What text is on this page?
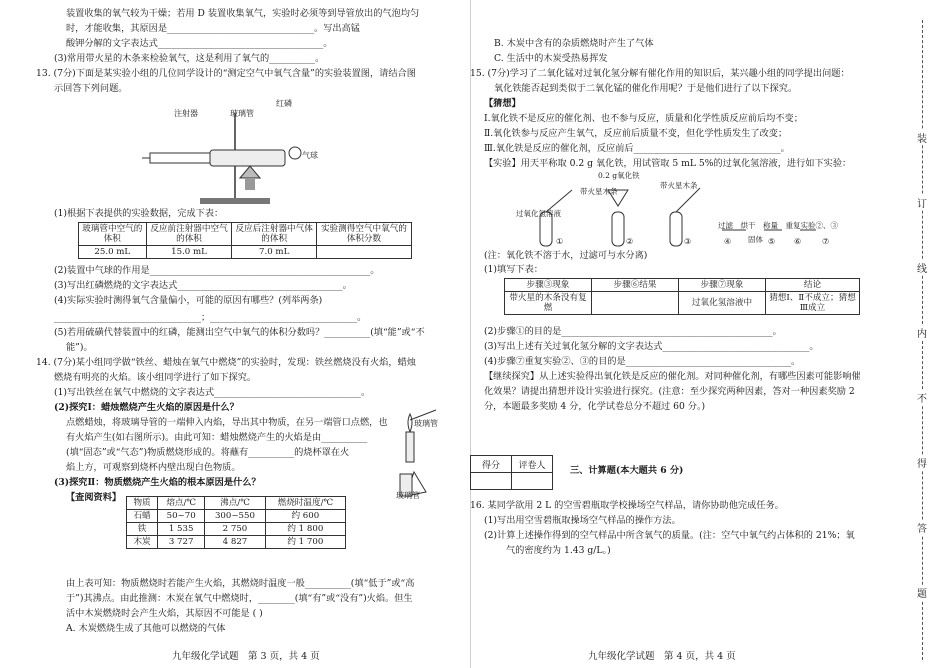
装置收集的氧气较为干燥；若用 D 装置收集氧气，实验时必须等到导管放出的气泡均匀
时，才能收集，其原因是________________________________。写出高锰
酸钾分解的文字表达式____________________________________。
(3)常用带火星的木条来检验氧气，这是利用了氧气的__________。
13. (7分)下面是某实验小组的几位同学设计的“测定空气中氧气含量”的实验装置图，请结合图
示回答下列问题。
注射器	玻璃管
红磷
气球
(1)根据下表提供的实验数据，完成下表：
玻璃管中空气的体积	反应前注射器中空气的体积	反应后注射器中气体的体积	实验测得空气中氧气的体积分数
25.0 mL	15.0 mL	7.0 mL	
(2)装置中气球的作用是________________________________________________。
(3)写出红磷燃烧的文字表达式____________________________________。
(4)实际实验时测得氧气含量偏小，可能的原因有哪些？(列举两条)
________________________________；________________________________。
(5)若用硫磺代替装置中的红磷，能测出空气中氧气的体积分数吗？__________(填“能”或“不
能”)。
14. (7分)某小组同学做“铁丝、蜡烛在氧气中燃烧”的实验时，发现：铁丝燃烧没有火焰，蜡烛
燃烧有明亮的火焰。该小组同学进行了如下探究。
(1)写出铁丝在氧气中燃烧的文字表达式________________________________。
(2)探究Ⅰ：蜡烛燃烧产生火焰的原因是什么？
点燃蜡烛，将玻璃导管的一端伸入内焰，导出其中物质，在另一端管口点燃，也
有火焰产生(如右图所示)。由此可知：蜡烛燃烧产生的火焰是由__________
(填“固态”或“气态”)物质燃烧形成的。将蘸有__________的烧杯罩在火
焰上方，可观察到烧杯内壁出现白色物质。
(3)探究Ⅱ：物质燃烧产生火焰的根本原因是什么？
【查阅资料】
玻璃管
玻璃管
物质	熔点/℃	沸点/℃	燃烧时温度/℃
石蜡	50~70	300~550	约 600
铁	1 535	2 750	约 1 800
木炭	3 727	4 827	约 1 700
由上表可知：物质燃烧时若能产生火焰，其燃烧时温度一般__________(填“低于”或“高
于”)其沸点。由此推测：木炭在氧气中燃烧时，________(填“有”或“没有”)火焰。但生
活中木炭燃烧时会产生火焰，其原因不可能是 ( )
A. 木炭燃烧生成了其他可以燃烧的气体
九年级化学试题　第 3 页，共 4 页
B. 木炭中含有的杂质燃烧时产生了气体
C. 生活中的木炭受热易挥发
15. (7分)学习了二氧化锰对过氧化氢分解有催化作用的知识后，某兴趣小组的同学提出问题：
氧化铁能否起到类似于二氧化锰的催化作用呢？于是他们进行了以下探究。
【猜想】
Ⅰ.氧化铁不是反应的催化剂、也不参与反应，质量和化学性质反应前后均不变；
Ⅱ.氧化铁参与反应产生氧气，反应前后质量不变，但化学性质发生了改变；
Ⅲ.氧化铁是反应的催化剂，反应前后________________________________。
【实验】用天平称取 0.2 g 氧化铁，用试管取 5 mL 5%的过氧化氢溶液，进行如下实验：
带火星木条
0.2 g氧化铁
带火星木条
过氧化氢溶液
过滤　烘干　称量　重复实验②、③
固体
①	②	③	④	⑤ ⑥	⑦
(注：氧化铁不溶于水，过滤可与水分离)
(1)填写下表：
步骤③现象	步骤⑥结果	步骤⑦现象	结论
带火星的木条没有复燃		过氧化氢溶液中	猜想Ⅰ、Ⅱ不成立；猜想Ⅲ成立
(2)步骤①的目的是______________________________________________。
(3)写出上述有关过氧化氢分解的文字表达式________________________________。
(4)步骤⑦重复实验②、③的目的是____________________________________。
【继续探究】从上述实验得出氧化铁是反应的催化剂。对同种催化剂，有哪些因素可能影响催
化效果？请提出猜想并设计实验进行探究。(注意：至少探究两种因素，答对一种因素奖励 2
分，本题最多奖励 4 分，化学试卷总分不超过 60 分。)
得分	评卷人
		三、计算题(本大题共 6 分)
16. 某同学欲用 2 L 的空雪碧瓶取学校操场空气样品，请你协助他完成任务。
(1)写出用空雪碧瓶取操场空气样品的操作方法。
(2)计算上述操作得到的空气样品中所含氧气的质量。(注：空气中氧气约占体积的 21%；氧
气的密度约为 1.43 g/L。)
九年级化学试题　第 4 页，共 4 页
装
订
线
内
不
得
答
题
